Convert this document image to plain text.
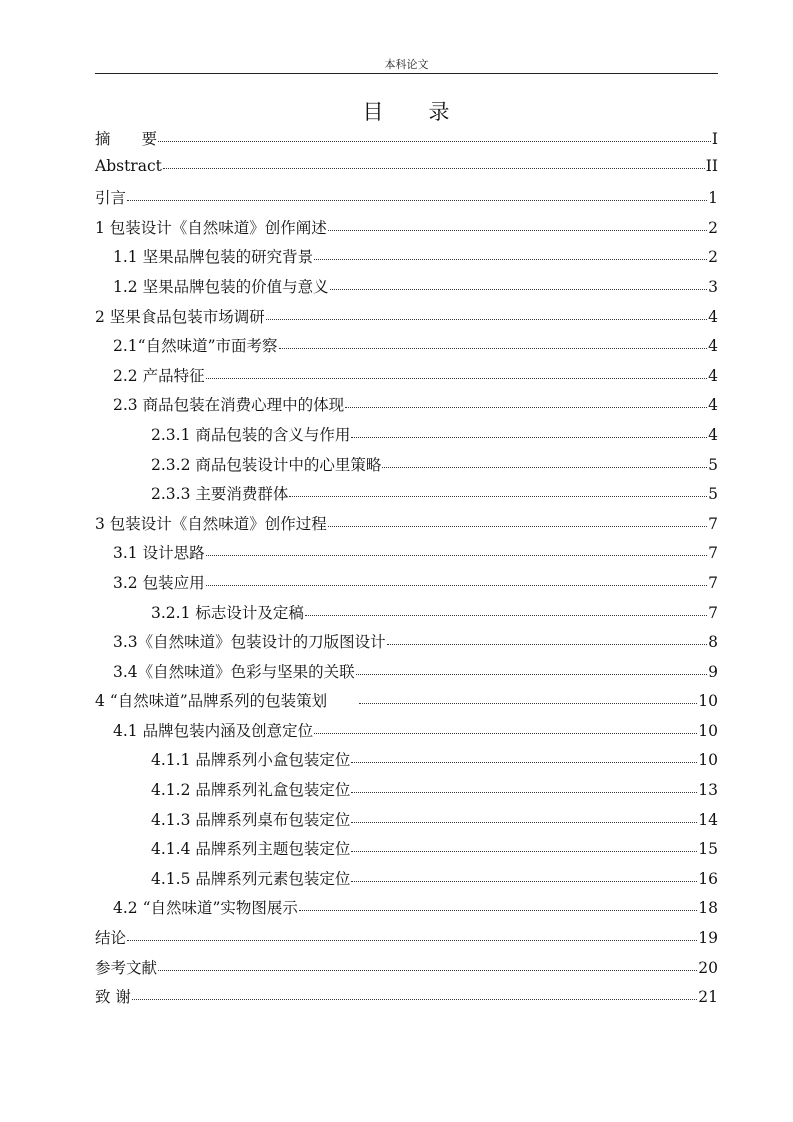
本科论文
目　　录
摘　　要	I
Abstract	II
引言	1
1 包装设计《自然味道》创作阐述	2
1.1 坚果品牌包装的研究背景	2
1.2 坚果品牌包装的价值与意义	3
2 坚果食品包装市场调研	4
2.1“自然味道”市面考察	4
2.2 产品特征	4
2.3 商品包装在消费心理中的体现	4
2.3.1 商品包装的含义与作用	4
2.3.2 商品包装设计中的心里策略	5
2.3.3 主要消费群体	5
3 包装设计《自然味道》创作过程	7
3.1 设计思路	7
3.2 包装应用	7
3.2.1 标志设计及定稿	7
3.3《自然味道》包装设计的刀版图设计	8
3.4《自然味道》色彩与坚果的关联	9
4 “自然味道”品牌系列的包装策划　　	10
4.1 品牌包装内涵及创意定位	10
4.1.1 品牌系列小盒包装定位	10
4.1.2 品牌系列礼盒包装定位	13
4.1.3 品牌系列桌布包装定位	14
4.1.4 品牌系列主题包装定位	15
4.1.5 品牌系列元素包装定位	16
4.2 “自然味道”实物图展示	18
结论	19
参考文献	20
致 谢	21
